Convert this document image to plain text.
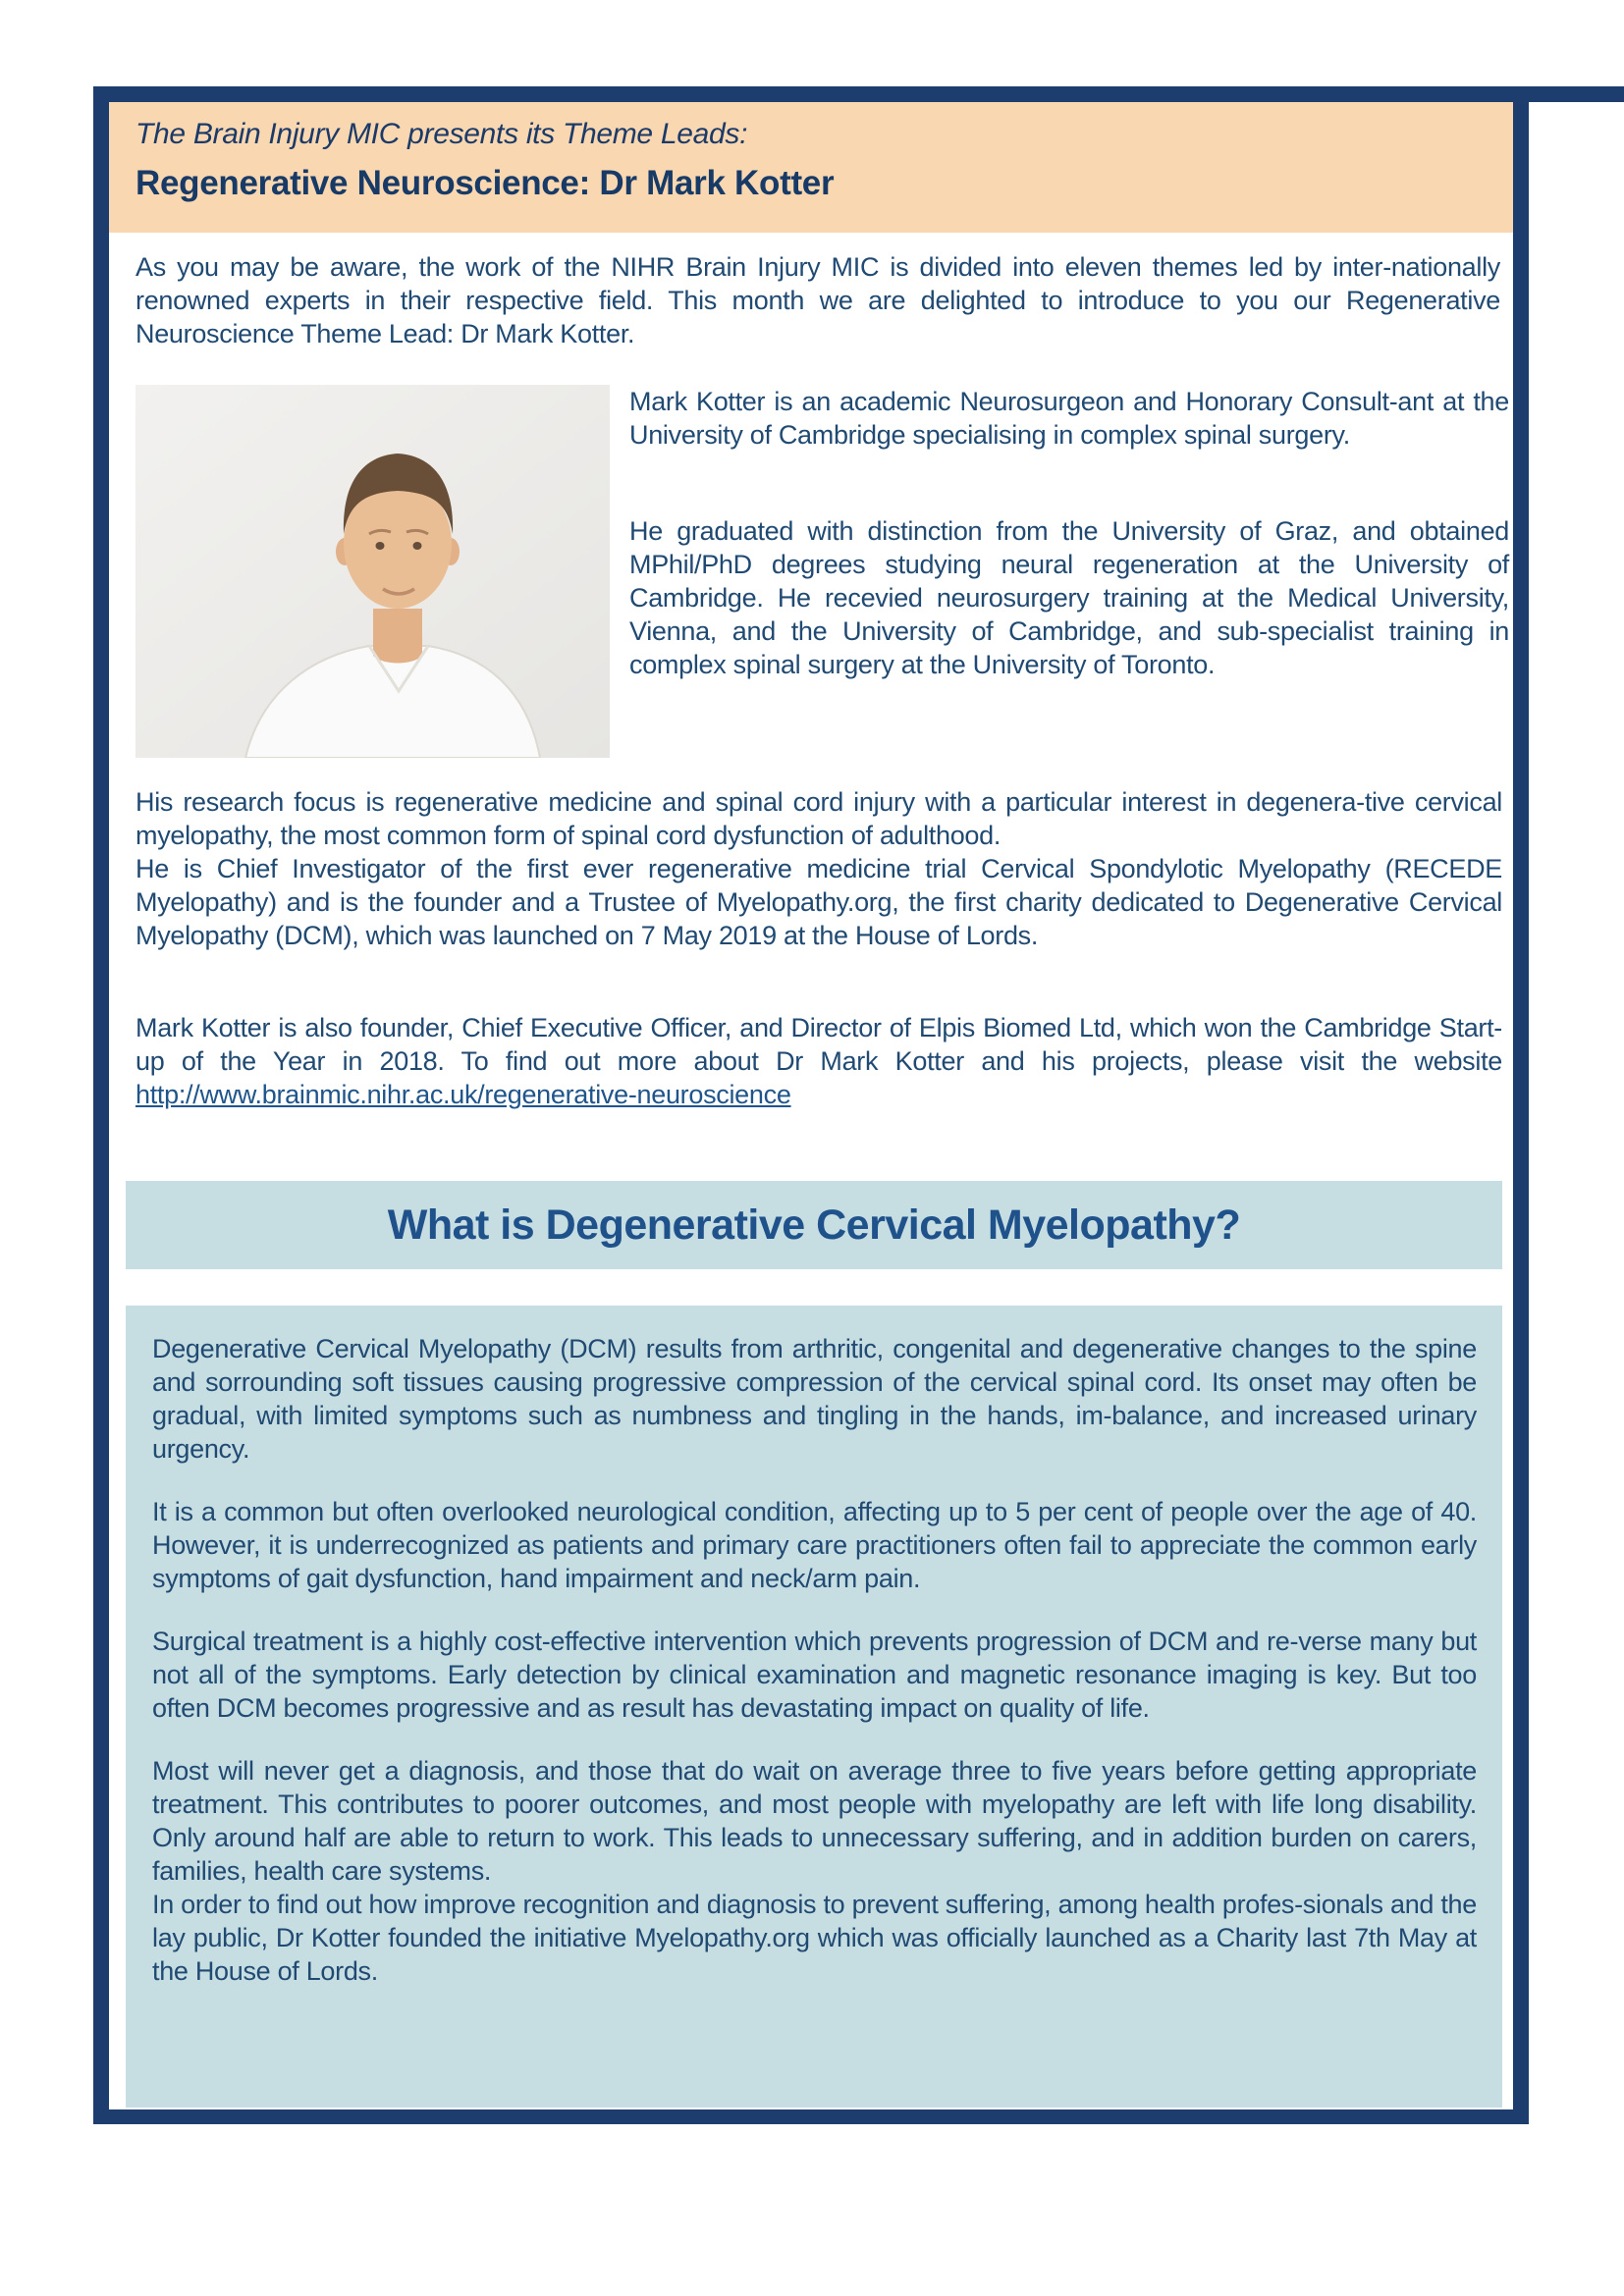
The Brain Injury MIC presents its Theme Leads:
Regenerative Neuroscience: Dr Mark Kotter

As you may be aware, the work of the NIHR Brain Injury MIC is divided into eleven themes led by inter-nationally renowned experts in their respective field. This month we are delighted to introduce to you our Regenerative Neuroscience Theme Lead: Dr Mark Kotter.

Mark Kotter is an academic Neurosurgeon and Honorary Consult-ant at the University of Cambridge specialising in complex spinal surgery.

He graduated with distinction from the University of Graz, and obtained MPhil/PhD degrees studying neural regeneration at the University of Cambridge. He recevied neurosurgery training at the Medical University, Vienna, and the University of Cambridge, and sub-specialist training in complex spinal surgery at the University of Toronto.

His research focus is regenerative medicine and spinal cord injury with a particular interest in degenera-tive cervical myelopathy, the most common form of spinal cord dysfunction of adulthood.

He is Chief Investigator of the first ever regenerative medicine trial Cervical Spondylotic Myelopathy (RECEDE Myelopathy) and is the founder and a Trustee of Myelopathy.org, the first charity dedicated to Degenerative Cervical Myelopathy (DCM), which was launched on 7 May 2019 at the House of Lords.

Mark Kotter is also founder, Chief Executive Officer, and Director of Elpis Biomed Ltd, which won the Cambridge Start-up of the Year in 2018. To find out more about Dr Mark Kotter and his projects, please visit the website http://www.brainmic.nihr.ac.uk/regenerative-neuroscience

What is Degenerative Cervical Myelopathy?

Degenerative Cervical Myelopathy (DCM) results from arthritic, congenital and degenerative changes to the spine and sorrounding soft tissues causing progressive compression of the cervical spinal cord. Its onset may often be gradual, with limited symptoms such as numbness and tingling in the hands, im-balance, and increased urinary urgency.

It is a common but often overlooked neurological condition, affecting up to 5 per cent of people over the age of 40. However, it is underrecognized as patients and primary care practitioners often fail to appreciate the common early symptoms of gait dysfunction, hand impairment and neck/arm pain.

Surgical treatment is a highly cost-effective intervention which prevents progression of DCM and re-verse many but not all of the symptoms. Early detection by clinical examination and magnetic resonance imaging is key. But too often DCM becomes progressive and as result has devastating impact on quality of life.

Most will never get a diagnosis, and those that do wait on average three to five years before getting appropriate treatment. This contributes to poorer outcomes, and most people with myelopathy are left with life long disability. Only around half are able to return to work. This leads to unnecessary suffering, and in addition burden on carers, families, health care systems.

In order to find out how improve recognition and diagnosis to prevent suffering, among health profes-sionals and the lay public, Dr Kotter founded the initiative Myelopathy.org which was officially launched as a Charity last 7th May at the House of Lords.
